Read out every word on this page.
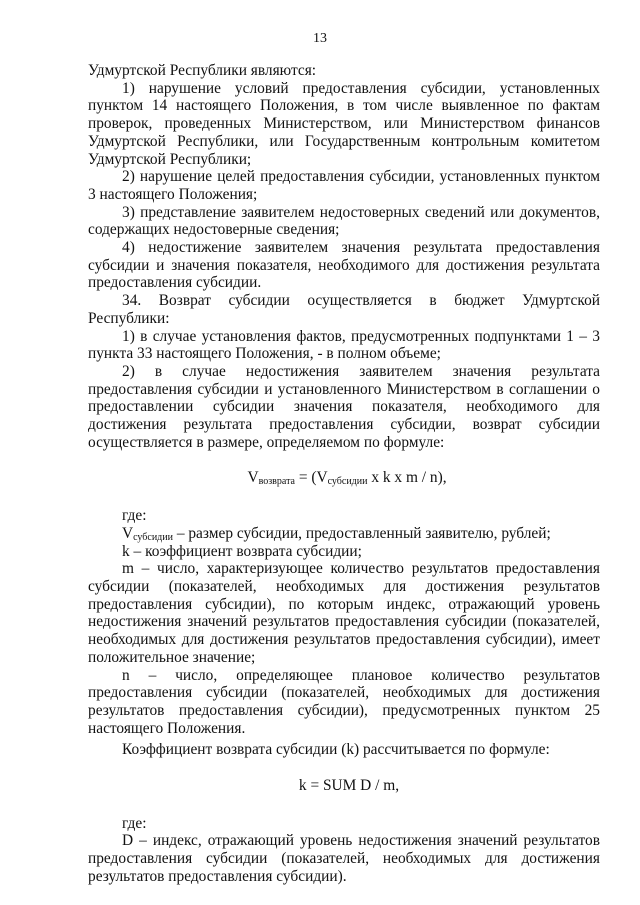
13

Удмуртской Республики являются:

1) нарушение условий предоставления субсидии, установленных пунктом 14 настоящего Положения, в том числе выявленное по фактам проверок, проведенных Министерством, или Министерством финансов Удмуртской Республики, или Государственным контрольным комитетом Удмуртской Республики;

2) нарушение целей предоставления субсидии, установленных пунктом 3 настоящего Положения;

3) представление заявителем недостоверных сведений или документов, содержащих недостоверные сведения;

4) недостижение заявителем значения результата предоставления субсидии и значения показателя, необходимого для достижения результата предоставления субсидии.

34. Возврат субсидии осуществляется в бюджет Удмуртской Республики:

1) в случае установления фактов, предусмотренных подпунктами 1 – 3 пункта 33 настоящего Положения, - в полном объеме;

2) в случае недостижения заявителем значения результата предоставления субсидии и установленного Министерством в соглашении о предоставлении субсидии значения показателя, необходимого для достижения результата предоставления субсидии, возврат субсидии осуществляется в размере, определяемом по формуле:

$V_{возврата} = (V_{субсидии}$ x k x m / n),

где:

$V_{субсидии}$ – размер субсидии, предоставленный заявителю, рублей;

k – коэффициент возврата субсидии;

m – число, характеризующее количество результатов предоставления субсидии (показателей, необходимых для достижения результатов предоставления субсидии), по которым индекс, отражающий уровень недостижения значений результатов предоставления субсидии (показателей, необходимых для достижения результатов предоставления субсидии), имеет положительное значение;

n – число, определяющее плановое количество результатов предоставления субсидии (показателей, необходимых для достижения результатов предоставления субсидии), предусмотренных пунктом 25 настоящего Положения.

Коэффициент возврата субсидии (k) рассчитывается по формуле:

k = SUM D / m,

где:

D – индекс, отражающий уровень недостижения значений результатов предоставления субсидии (показателей, необходимых для достижения результатов предоставления субсидии).
